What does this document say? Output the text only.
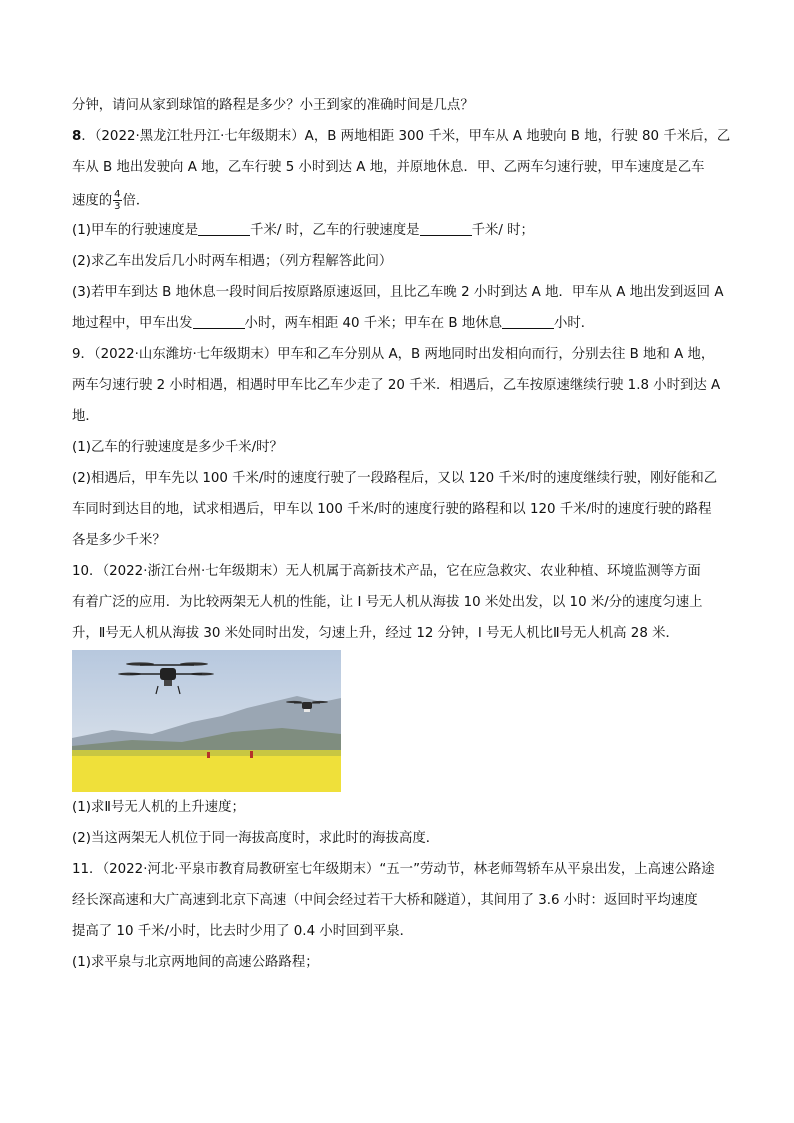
分钟，请问从家到球馆的路程是多少？小王到家的准确时间是几点？
8．（2022·黑龙江牡丹江·七年级期末）A，B 两地相距 300 千米，甲车从 A 地驶向 B 地，行驶 80 千米后，乙
车从 B 地出发驶向 A 地，乙车行驶 5 小时到达 A 地，并原地休息．甲、乙两车匀速行驶，甲车速度是乙车
速度的 $\frac{4}{3}$ 倍．
(1)甲车的行驶速度是	千米/ 时，乙车的行驶速度是	千米/ 时；
(2)求乙车出发后几小时两车相遇；（列方程解答此问）
(3)若甲车到达 B 地休息一段时间后按原路原速返回，且比乙车晚 2 小时到达 A 地．甲车从 A 地出发到返回 A
地过程中，甲车出发	小时，两车相距 40 千米；甲车在 B 地休息	小时．
9．（2022·山东潍坊·七年级期末）甲车和乙车分别从 A，B 两地同时出发相向而行，分别去往 B 地和 A 地，
两车匀速行驶 2 小时相遇，相遇时甲车比乙车少走了 20 千米．相遇后，乙车按原速继续行驶 1.8 小时到达 A
地．
(1)乙车的行驶速度是多少千米/时？
(2)相遇后，甲车先以 100 千米/时的速度行驶了一段路程后，又以 120 千米/时的速度继续行驶，刚好能和乙
车同时到达目的地，试求相遇后，甲车以 100 千米/时的速度行驶的路程和以 120 千米/时的速度行驶的路程
各是多少千米？
10．（2022·浙江台州·七年级期末）无人机属于高新技术产品，它在应急救灾、农业种植、环境监测等方面
有着广泛的应用．为比较两架无人机的性能，让 I 号无人机从海拔 10 米处出发，以 10 米/分的速度匀速上
升，Ⅱ号无人机从海拔 30 米处同时出发，匀速上升，经过 12 分钟，I 号无人机比Ⅱ号无人机高 28 米．
(1)求Ⅱ号无人机的上升速度；
(2)当这两架无人机位于同一海拔高度时，求此时的海拔高度．
11．（2022·河北·平泉市教育局教研室七年级期末）“五一”劳动节，林老师驾轿车从平泉出发，上高速公路途
经长深高速和大广高速到北京下高速（中间会经过若干大桥和隧道），其间用了 3.6 小时：返回时平均速度
提高了 10 千米/小时，比去时少用了 0.4 小时回到平泉．
(1)求平泉与北京两地间的高速公路路程；
